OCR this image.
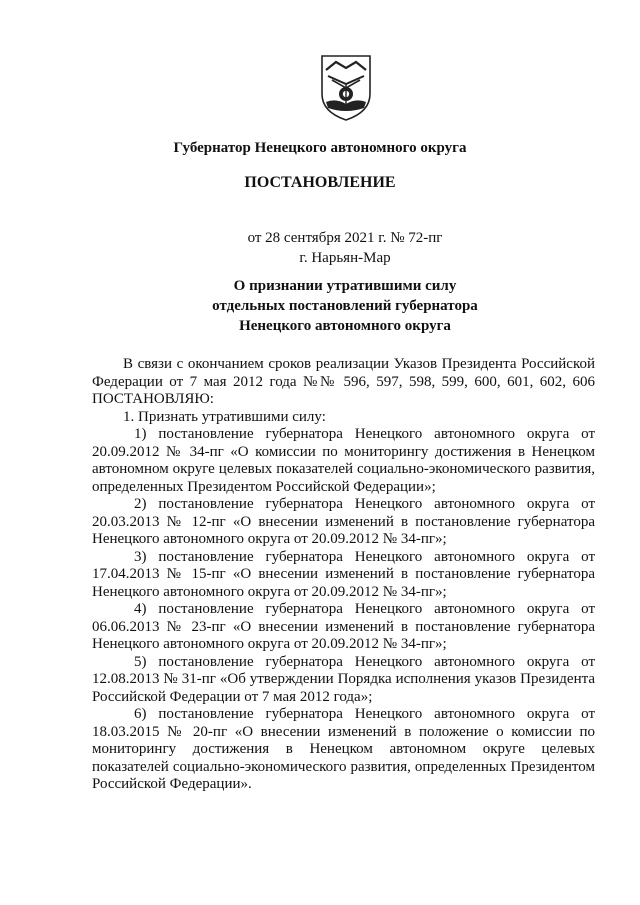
Губернатор Ненецкого автономного округа
ПОСТАНОВЛЕНИЕ
от 28 сентября 2021 г. № 72-пг
г. Нарьян-Мар
О признании утратившими силу
отдельных постановлений губернатора
Ненецкого автономного округа

В связи с окончанием сроков реализации Указов Президента Российской Федерации от 7 мая 2012 года №№ 596, 597, 598, 599, 600, 601, 602, 606 ПОСТАНОВЛЯЮ:

1. Признать утратившими силу:

1) постановление губернатора Ненецкого автономного округа от 20.09.2012 № 34-пг «О комиссии по мониторингу достижения в Ненецком автономном округе целевых показателей социально-экономического развития, определенных Президентом Российской Федерации»;

2) постановление губернатора Ненецкого автономного округа от 20.03.2013 № 12-пг «О внесении изменений в постановление губернатора Ненецкого автономного округа от 20.09.2012 № 34-пг»;

3) постановление губернатора Ненецкого автономного округа от 17.04.2013 № 15-пг «О внесении изменений в постановление губернатора Ненецкого автономного округа от 20.09.2012 № 34-пг»;

4) постановление губернатора Ненецкого автономного округа от 06.06.2013 № 23-пг «О внесении изменений в постановление губернатора Ненецкого автономного округа от 20.09.2012 № 34-пг»;

5) постановление губернатора Ненецкого автономного округа от 12.08.2013 № 31-пг «Об утверждении Порядка исполнения указов Президента Российской Федерации от 7 мая 2012 года»;

6) постановление губернатора Ненецкого автономного округа от 18.03.2015 № 20-пг «О внесении изменений в положение о комиссии по мониторингу достижения в Ненецком автономном округе целевых показателей социально-экономического развития, определенных Президентом Российской Федерации».
